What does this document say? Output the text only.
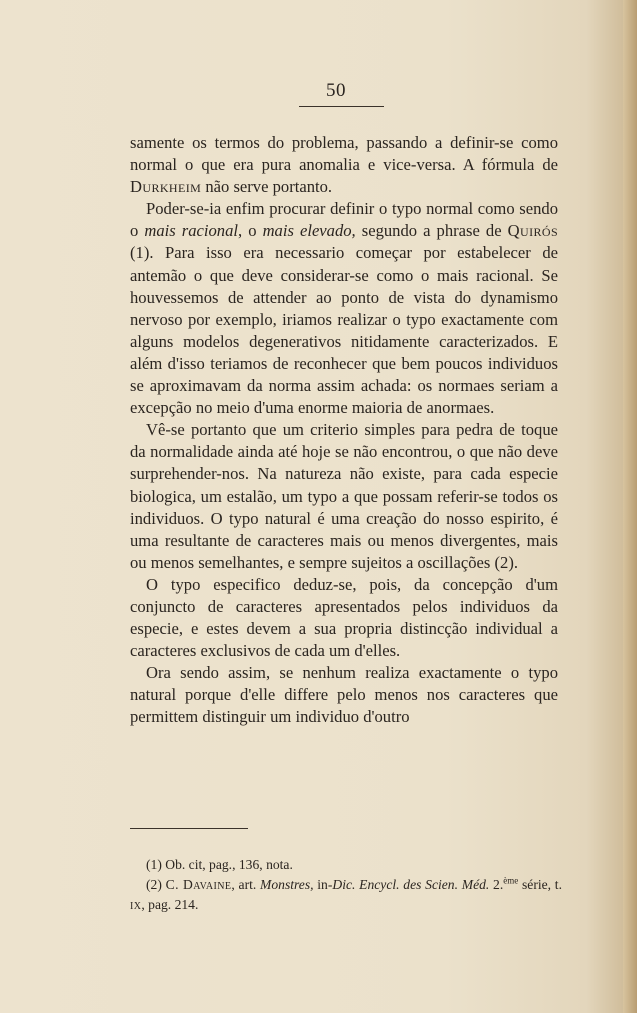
50

samente os termos do problema, passando a definir-se como normal o que era pura anomalia e vice-versa. A fórmula de Durkheim não serve portanto.

Poder-se-ia enfim procurar definir o typo normal como sendo o mais racional, o mais elevado, segundo a phrase de Quirós (1). Para isso era necessario começar por estabelecer de antemão o que deve considerar-se como o mais racional. Se houvessemos de attender ao ponto de vista do dynamismo nervoso por exemplo, iriamos realizar o typo exactamente com alguns modelos degenerativos nitidamente caracterizados. E além d'isso teriamos de reconhecer que bem poucos individuos se aproximavam da norma assim achada: os normaes seriam a excepção no meio d'uma enorme maioria de anormaes.

Vê-se portanto que um criterio simples para pedra de toque da normalidade ainda até hoje se não encontrou, o que não deve surprehender-nos. Na natureza não existe, para cada especie biologica, um estalão, um typo a que possam referir-se todos os individuos. O typo natural é uma creação do nosso espirito, é uma resultante de caracteres mais ou menos divergentes, mais ou menos semelhantes, e sempre sujeitos a oscillações (2).

O typo especifico deduz-se, pois, da concepção d'um conjuncto de caracteres apresentados pelos individuos da especie, e estes devem a sua propria distincção individual a caracteres exclusivos de cada um d'elles.

Ora sendo assim, se nenhum realiza exactamente o typo natural porque d'elle differe pelo menos nos caracteres que permittem distinguir um individuo d'outro

(1) Ob. cit, pag., 136, nota.

(2) C. Davaine, art. Monstres, in-Dic. Encycl. des Scien. Méd. 2.$^{ème}$ série, t. ix, pag. 214.
